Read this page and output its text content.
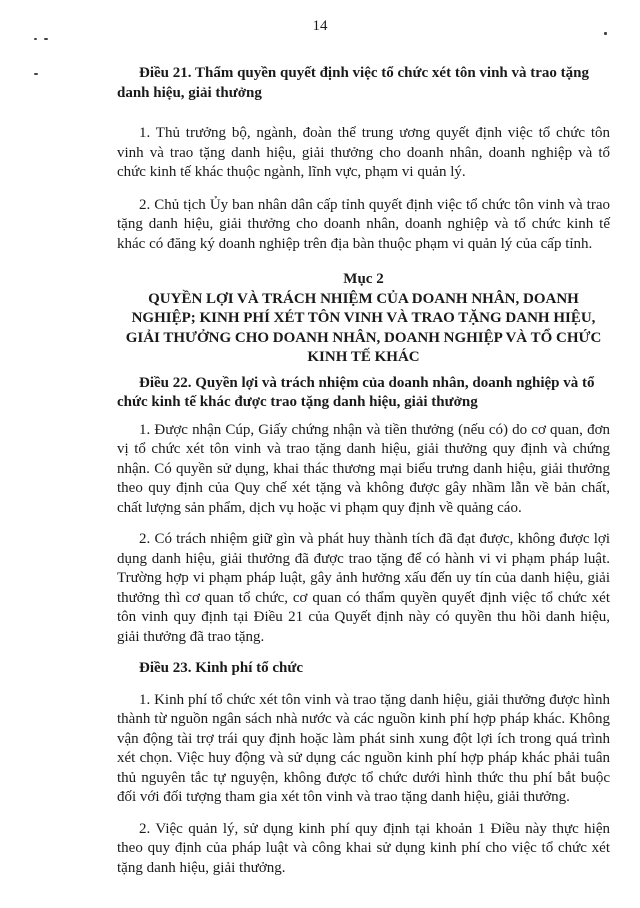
14

Điều 21. Thẩm quyền quyết định việc tổ chức xét tôn vinh và trao tặng danh hiệu, giải thưởng

1. Thủ trưởng bộ, ngành, đoàn thể trung ương quyết định việc tổ chức tôn vinh và trao tặng danh hiệu, giải thưởng cho doanh nhân, doanh nghiệp và tổ chức kinh tế khác thuộc ngành, lĩnh vực, phạm vi quản lý.

2. Chủ tịch Ủy ban nhân dân cấp tỉnh quyết định việc tổ chức tôn vinh và trao tặng danh hiệu, giải thưởng cho doanh nhân, doanh nghiệp và tổ chức kinh tế khác có đăng ký doanh nghiệp trên địa bàn thuộc phạm vi quản lý của cấp tỉnh.

Mục 2

QUYỀN LỢI VÀ TRÁCH NHIỆM CỦA DOANH NHÂN, DOANH NGHIỆP; KINH PHÍ XÉT TÔN VINH VÀ TRAO TẶNG DANH HIỆU, GIẢI THƯỞNG CHO DOANH NHÂN, DOANH NGHIỆP VÀ TỔ CHỨC KINH TẾ KHÁC

Điều 22. Quyền lợi và trách nhiệm của doanh nhân, doanh nghiệp và tổ chức kinh tế khác được trao tặng danh hiệu, giải thưởng

1. Được nhận Cúp, Giấy chứng nhận và tiền thưởng (nếu có) do cơ quan, đơn vị tổ chức xét tôn vinh và trao tặng danh hiệu, giải thưởng quy định và chứng nhận. Có quyền sử dụng, khai thác thương mại biểu trưng danh hiệu, giải thưởng theo quy định của Quy chế xét tặng và không được gây nhầm lẫn về bản chất, chất lượng sản phẩm, dịch vụ hoặc vi phạm quy định về quảng cáo.

2. Có trách nhiệm giữ gìn và phát huy thành tích đã đạt được, không được lợi dụng danh hiệu, giải thưởng đã được trao tặng để có hành vi vi phạm pháp luật. Trường hợp vi phạm pháp luật, gây ảnh hưởng xấu đến uy tín của danh hiệu, giải thưởng thì cơ quan tổ chức, cơ quan có thẩm quyền quyết định việc tổ chức xét tôn vinh quy định tại Điều 21 của Quyết định này có quyền thu hồi danh hiệu, giải thưởng đã trao tặng.

Điều 23. Kinh phí tổ chức

1. Kinh phí tổ chức xét tôn vinh và trao tặng danh hiệu, giải thưởng được hình thành từ nguồn ngân sách nhà nước và các nguồn kinh phí hợp pháp khác. Không vận động tài trợ trái quy định hoặc làm phát sinh xung đột lợi ích trong quá trình xét chọn. Việc huy động và sử dụng các nguồn kinh phí hợp pháp khác phải tuân thủ nguyên tắc tự nguyện, không được tổ chức dưới hình thức thu phí bắt buộc đối với đối tượng tham gia xét tôn vinh và trao tặng danh hiệu, giải thưởng.

2. Việc quản lý, sử dụng kinh phí quy định tại khoản 1 Điều này thực hiện theo quy định của pháp luật và công khai sử dụng kinh phí cho việc tổ chức xét tặng danh hiệu, giải thưởng.
